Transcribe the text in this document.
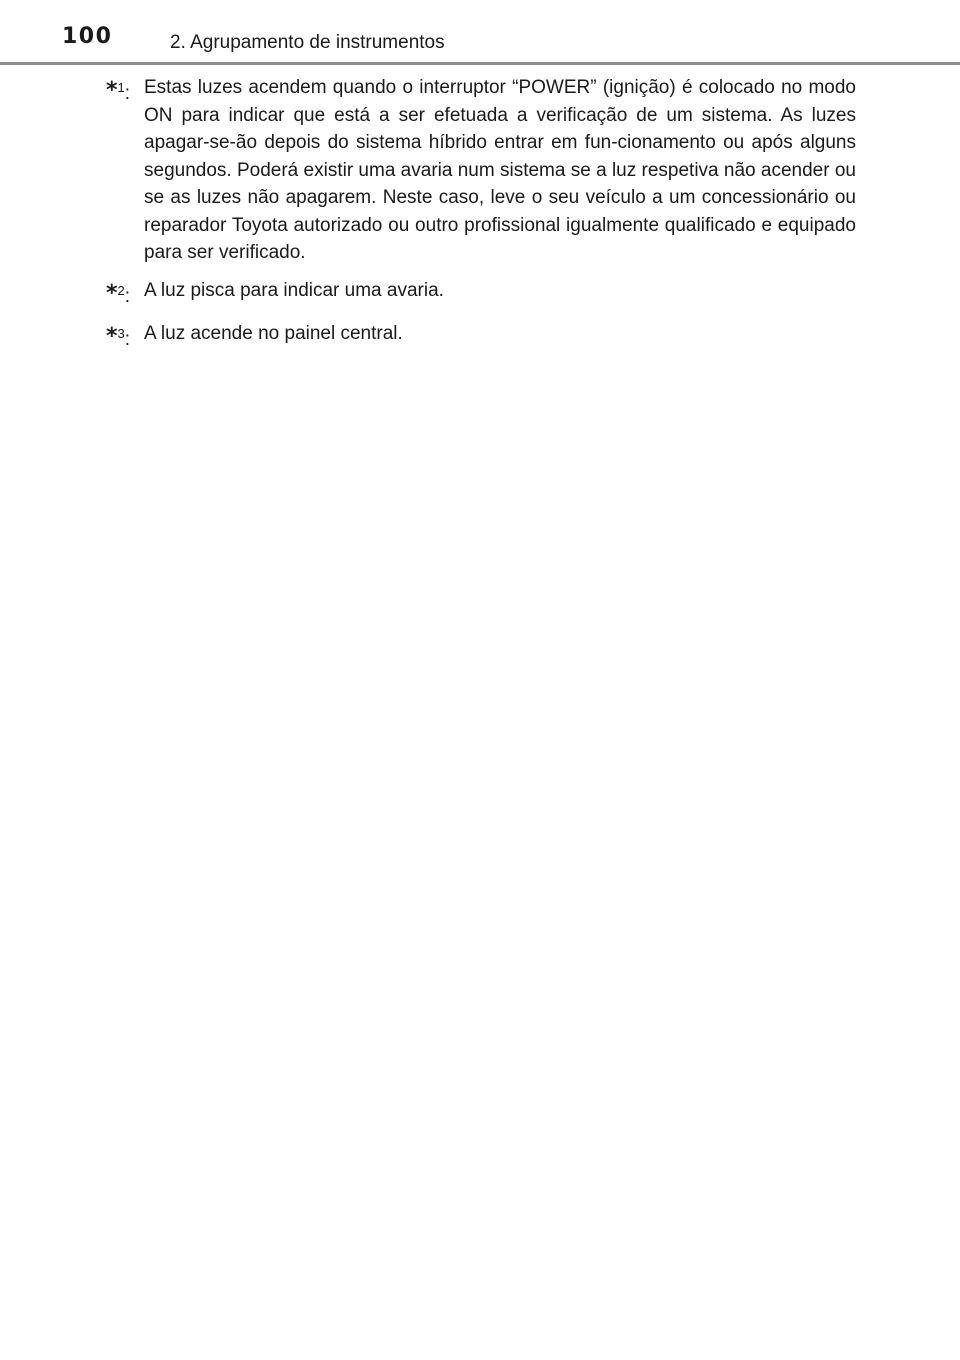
100	2. Agrupamento de instrumentos
*$^1$: Estas luzes acendem quando o interruptor “POWER” (ignição) é colocado no modo ON para indicar que está a ser efetuada a verificação de um sistema. As luzes apagar-se-ão depois do sistema híbrido entrar em fun-cionamento ou após alguns segundos. Poderá existir uma avaria num sistema se a luz respetiva não acender ou se as luzes não apagarem. Neste caso, leve o seu veículo a um concessionário ou reparador Toyota autorizado ou outro profissional igualmente qualificado e equipado para ser verificado.

*$^2$: A luz pisca para indicar uma avaria.

*$^3$: A luz acende no painel central.
